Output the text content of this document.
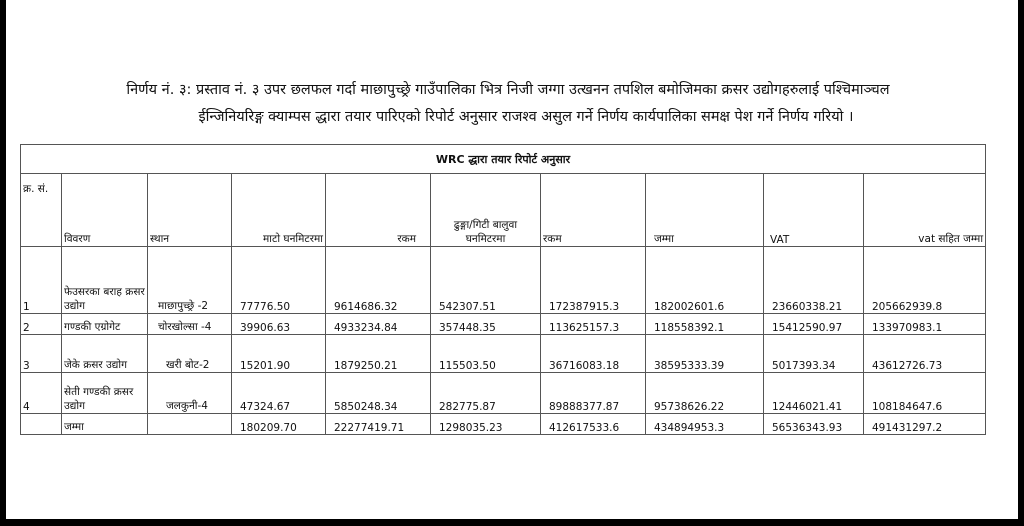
निर्णय नं. ३: प्रस्ताव नं. ३ उपर छलफल गर्दा माछापुच्छ्रे गाउँपालिका भित्र निजी जग्गा उत्खनन तपशिल बमोजिमका क्रसर उद्योगहरुलाई पश्चिमाञ्चल
ईन्जिनियरिङ्ग क्याम्पस द्धारा तयार पारिएको रिपोर्ट अनुसार राजश्व असुल गर्ने निर्णय कार्यपालिका समक्ष पेश गर्ने निर्णय गरियो ।
WRC द्धारा तयार रिपोर्ट अनुसार									
क्र. सं.	विवरण	स्थान	माटो घनमिटरमा	रकम	ढुङ्गा/गिटी बालुवा घनमिटरमा	रकम	जम्मा	VAT	vat सहित जम्मा
1	फेउसरका बराह क्रसर उद्योग	माछापुच्छ्रे -2	77776.50	9614686.32	542307.51	172387915.3	182002601.6	23660338.21	205662939.8
2	गण्डकी एग्रोगेट	चोरखोल्सा -4	39906.63	4933234.84	357448.35	113625157.3	118558392.1	15412590.97	133970983.1
3	जेके क्रसर उद्योग	खरी बोट-2	15201.90	1879250.21	115503.50	36716083.18	38595333.39	5017393.34	43612726.73
4	सेती गण्डकी क्रसर उद्योग	जलकुनी-4	47324.67	5850248.34	282775.87	89888377.87	95738626.22	12446021.41	108184647.6
	जम्मा		180209.70	22277419.71	1298035.23	412617533.6	434894953.3	56536343.93	491431297.2
